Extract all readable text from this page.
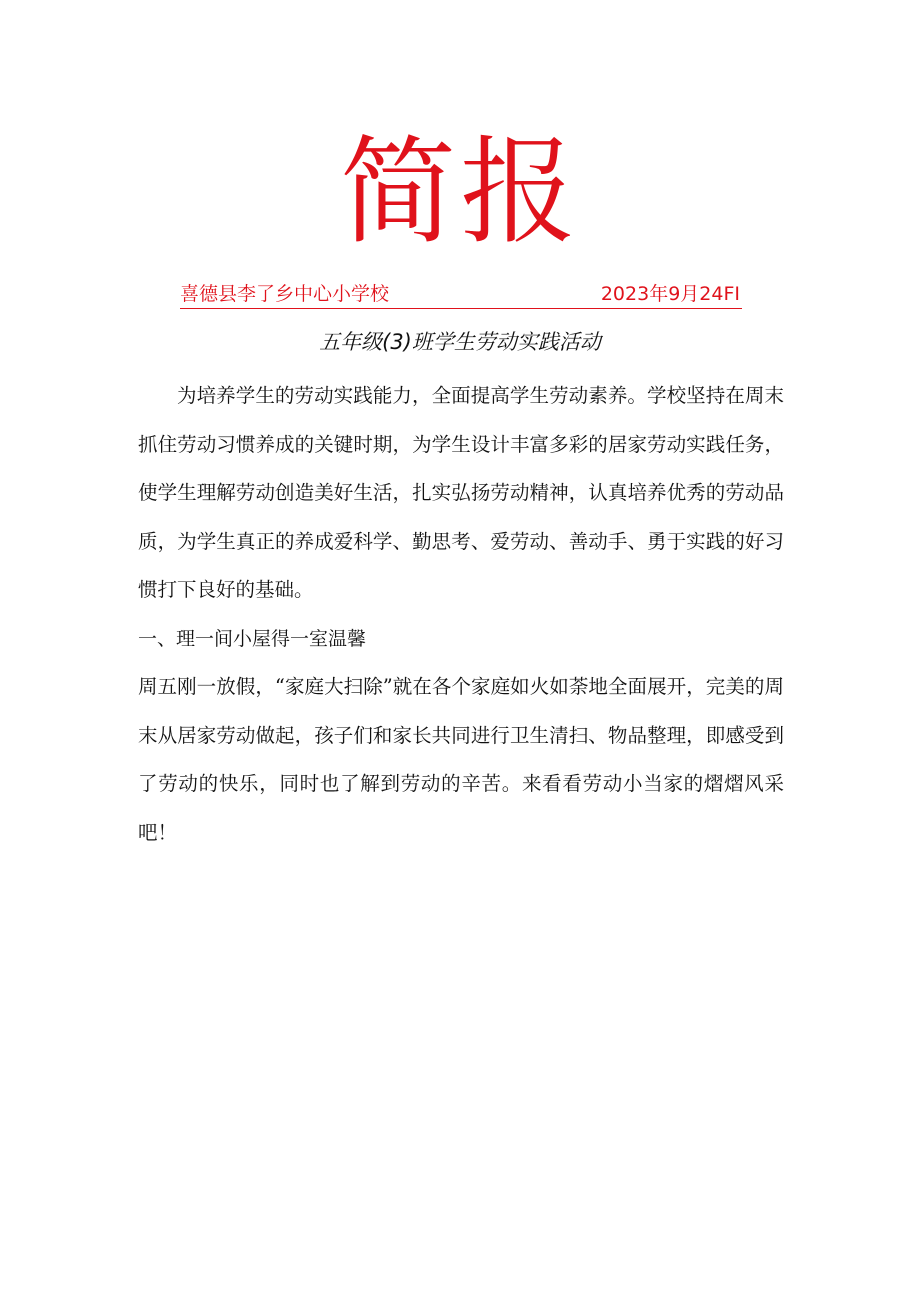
简报
喜德县李了乡中心小学校	2023年9月24FI
五年级(3)班学生劳动实践活动

为培养学生的劳动实践能力，全面提高学生劳动素养。学校坚持在周末抓住劳动习惯养成的关键时期，为学生设计丰富多彩的居家劳动实践任务，使学生理解劳动创造美好生活，扎实弘扬劳动精神，认真培养优秀的劳动品质，为学生真正的养成爱科学、勤思考、爱劳动、善动手、勇于实践的好习惯打下良好的基础。

一、理一间小屋得一室温馨

周五刚一放假，“家庭大扫除”就在各个家庭如火如荼地全面展开，完美的周末从居家劳动做起，孩子们和家长共同进行卫生清扫、物品整理，即感受到了劳动的快乐，同时也了解到劳动的辛苦。来看看劳动小当家的熠熠风采吧！
